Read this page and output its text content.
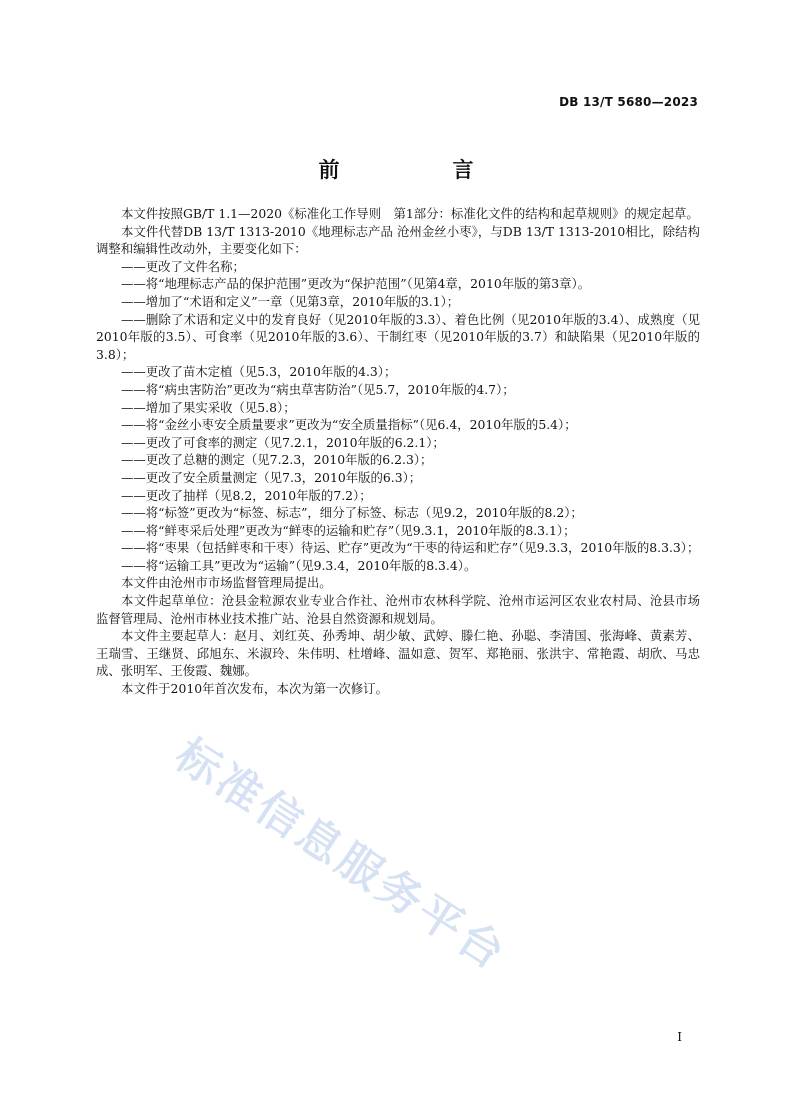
DB 13/T 5680—2023
前　言

本文件按照GB/T 1.1—2020《标准化工作导则　第1部分：标准化文件的结构和起草规则》的规定起草。

本文件代替DB 13/T 1313-2010《地理标志产品 沧州金丝小枣》，与DB 13/T 1313-2010相比，除结构调整和编辑性改动外，主要变化如下：

——更改了文件名称；

——将“地理标志产品的保护范围”更改为“保护范围”（见第4章，2010年版的第3章）。

——增加了“术语和定义”一章（见第3章，2010年版的3.1）；

——删除了术语和定义中的发育良好（见2010年版的3.3）、着色比例（见2010年版的3.4）、成熟度（见2010年版的3.5）、可食率（见2010年版的3.6）、干制红枣（见2010年版的3.7）和缺陷果（见2010年版的3.8）；

——更改了苗木定植（见5.3，2010年版的4.3）；

——将“病虫害防治”更改为“病虫草害防治”（见5.7，2010年版的4.7）；

——增加了果实采收（见5.8）；

——将“金丝小枣安全质量要求”更改为“安全质量指标”（见6.4，2010年版的5.4）；

——更改了可食率的测定（见7.2.1，2010年版的6.2.1）；

——更改了总糖的测定（见7.2.3，2010年版的6.2.3）；

——更改了安全质量测定（见7.3，2010年版的6.3）；

——更改了抽样（见8.2，2010年版的7.2）；

——将“标签”更改为“标签、标志”，细分了标签、标志（见9.2，2010年版的8.2）；

——将“鲜枣采后处理”更改为“鲜枣的运输和贮存”（见9.3.1，2010年版的8.3.1）；

——将“枣果（包括鲜枣和干枣）待运、贮存”更改为“干枣的待运和贮存”（见9.3.3，2010年版的8.3.3）；

——将“运输工具”更改为“运输”（见9.3.4，2010年版的8.3.4）。

本文件由沧州市市场监督管理局提出。

本文件起草单位：沧县金粒源农业专业合作社、沧州市农林科学院、沧州市运河区农业农村局、沧县市场监督管理局、沧州市林业技术推广站、沧县自然资源和规划局。

本文件主要起草人：赵月、刘红英、孙秀坤、胡少敏、武婷、滕仁艳、孙聪、李清国、张海峰、黄素芳、王瑞雪、王继贤、邱旭东、米淑玲、朱伟明、杜增峰、温如意、贺军、郑艳丽、张洪宇、常艳霞、胡欣、马忠成、张明军、王俊霞、魏娜。

本文件于2010年首次发布，本次为第一次修订。

标准信息服务平台
I
